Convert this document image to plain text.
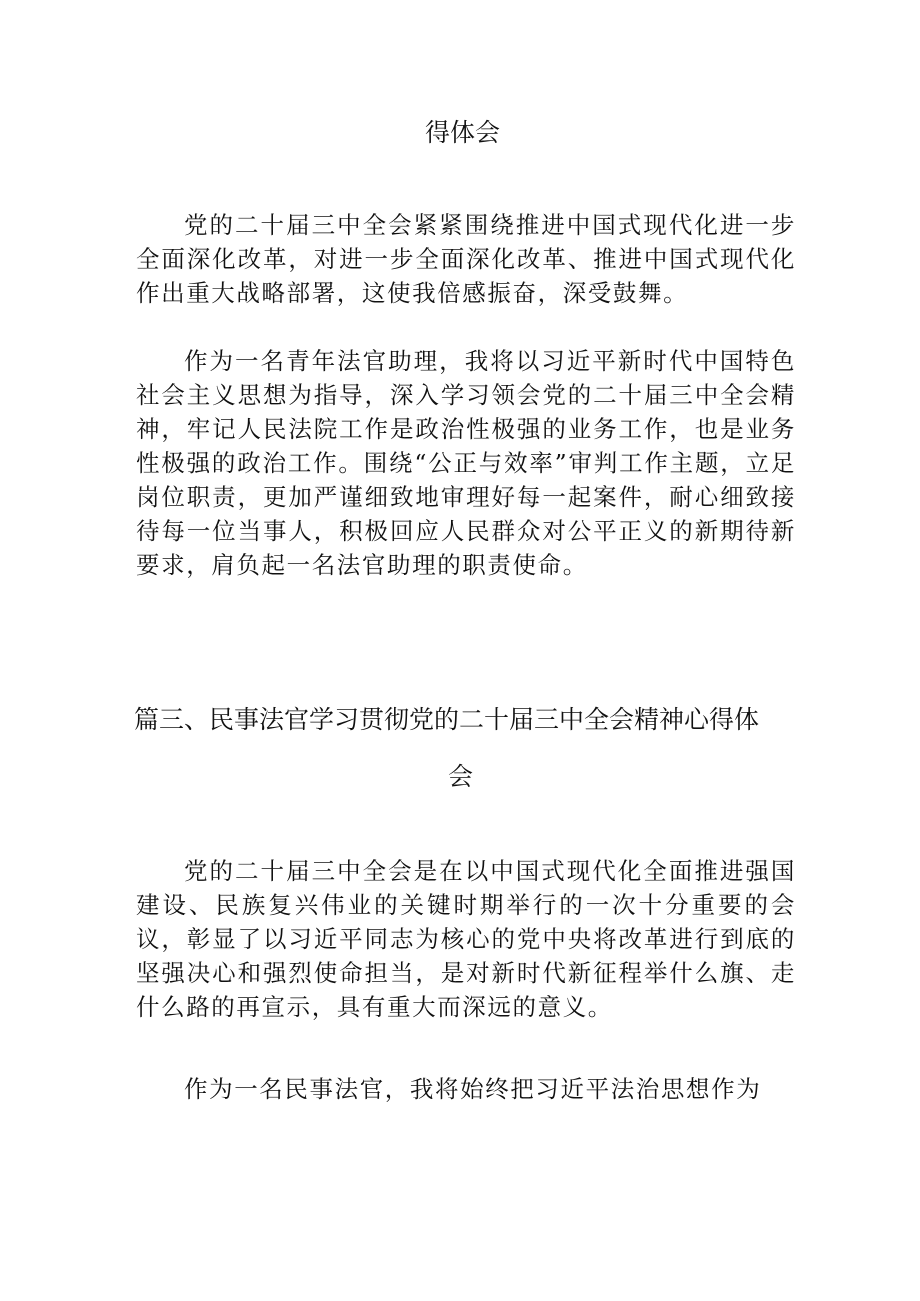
得体会

党的二十届三中全会紧紧围绕推进中国式现代化进一步全面深化改革，对进一步全面深化改革、推进中国式现代化作出重大战略部署，这使我倍感振奋，深受鼓舞。

作为一名青年法官助理，我将以习近平新时代中国特色社会主义思想为指导，深入学习领会党的二十届三中全会精神，牢记人民法院工作是政治性极强的业务工作，也是业务性极强的政治工作。围绕“公正与效率”审判工作主题，立足岗位职责，更加严谨细致地审理好每一起案件，耐心细致接待每一位当事人，积极回应人民群众对公平正义的新期待新要求，肩负起一名法官助理的职责使命。

篇三、民事法官学习贯彻党的二十届三中全会精神心得体
会

党的二十届三中全会是在以中国式现代化全面推进强国建设、民族复兴伟业的关键时期举行的一次十分重要的会议，彰显了以习近平同志为核心的党中央将改革进行到底的坚强决心和强烈使命担当，是对新时代新征程举什么旗、走什么路的再宣示，具有重大而深远的意义。

作为一名民事法官，我将始终把习近平法治思想作为
